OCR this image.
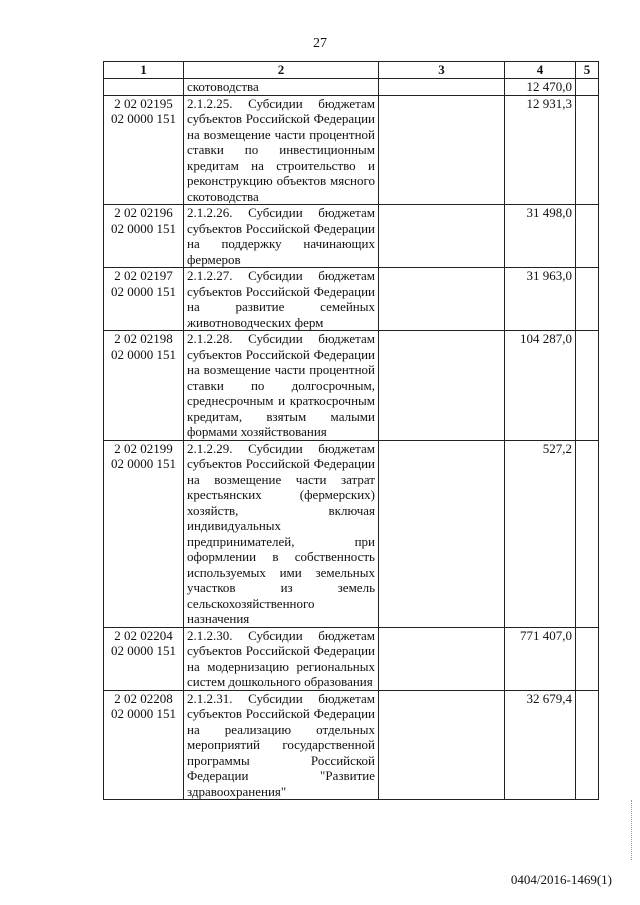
27
1	2	3	4	5
	скотоводства		12 470,0	
2 02 02195
02 0000 151	2.1.2.25. Субсидии бюджетам субъектов Российской Федерации на возмещение части процентной ставки по инвестиционным кредитам на строительство и реконструкцию объектов мясного скотоводства		12 931,3	
2 02 02196
02 0000 151	2.1.2.26. Субсидии бюджетам субъектов Российской Федерации на поддержку начинающих фермеров		31 498,0	
2 02 02197
02 0000 151	2.1.2.27. Субсидии бюджетам субъектов Российской Федерации на развитие семейных животноводческих ферм		31 963,0	
2 02 02198
02 0000 151	2.1.2.28. Субсидии бюджетам субъектов Российской Федерации на возмещение части процентной ставки по долгосрочным, среднесрочным и краткосрочным кредитам, взятым малыми формами хозяйствования		104 287,0	
2 02 02199
02 0000 151	2.1.2.29. Субсидии бюджетам субъектов Российской Федерации на возмещение части затрат крестьянских (фермерских) хозяйств, включая индивидуальных предпринимателей, при оформлении в собственность используемых ими земельных участков из земель сельскохозяйственного назначения		527,2	
2 02 02204
02 0000 151	2.1.2.30. Субсидии бюджетам субъектов Российской Федерации на модернизацию региональных систем дошкольного образования		771 407,0	
2 02 02208
02 0000 151	2.1.2.31. Субсидии бюджетам субъектов Российской Федерации на реализацию отдельных мероприятий государственной программы Российской Федерации "Развитие здравоохранения"		32 679,4	
0404/2016-1469(1)
